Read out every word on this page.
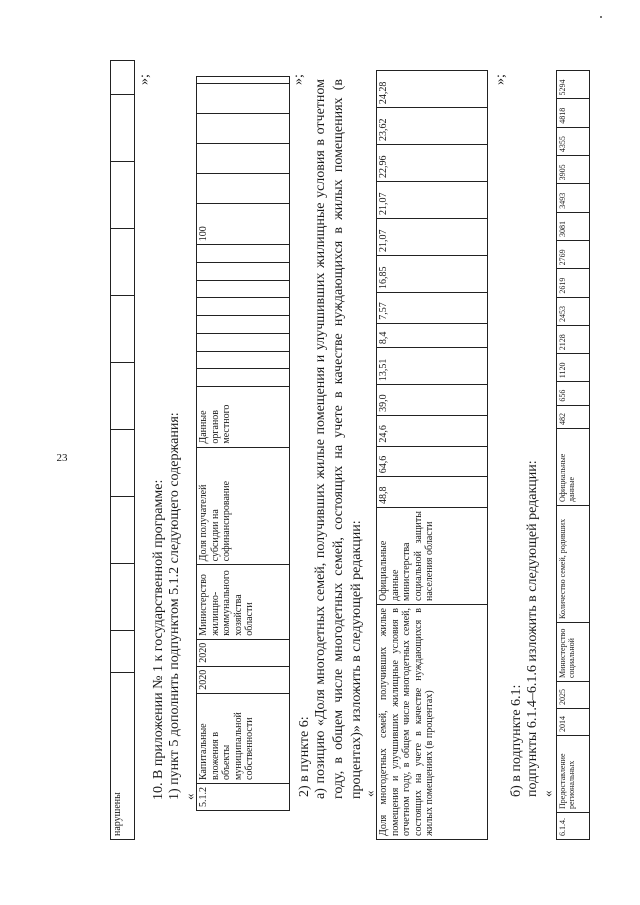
23
нарушены										
»;
10. В приложении № 1 к государственной программе: 1) пункт 5 дополнить подпунктом 5.1.2 следующего содержания: « 5.1.2	Капитальные вложения в объекты муниципальной собственности	2020	2020	Министерство жилищно-коммунального хозяйства области	Доля получателей субсидии на софинансирование	Данные органов местного									100					
»;
2) в пункте 6: а) позицию «Доля многодетных семей, получивших жилые помещения и улучшивших жилищные условия в отчетном году, в общем числе многодетных семей, состоящих на учете в качестве нуждающихся в жилых помещениях (в процентах)» изложить в следующей редакции:
« Доля многодетных семей, получивших жилые помещения и улучшивших жилищные условия в отчетном году, в общем числе многодетных семей, состоящих на учете в качестве нуждающихся в жилых помещениях (в процентах)	Официальные данные министерства социальной защиты населения области	48,8	64,6	24,6	39,0	13,51	8,4	7,57	16,85	21,07	21,07	22,96	23,62	24,28
»;
б) в подпункте 6.1: подпункты 6.1.4–6.1.6 изложить в следующей редакции: «
6.1.4.	Предоставление региональных	2014	2025	Министерство социальной	Количество семей, родивших	Официальные данные	482	656	1120	2128	2453	2619	2769	3081	3493	3905	4355	4818	5294
